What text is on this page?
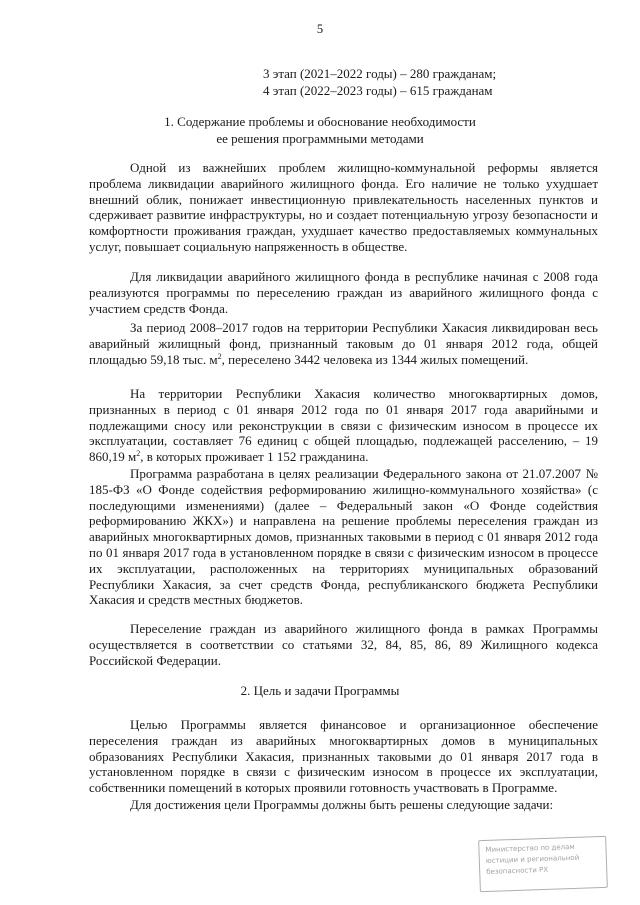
5
3 этап (2021–2022 годы) – 280 гражданам;
4 этап (2022–2023 годы) – 615 гражданам
1. Содержание проблемы и обоснование необходимости
ее решения программными методами

Одной из важнейших проблем жилищно-коммунальной реформы является проблема ликвидации аварийного жилищного фонда. Его наличие не только ухудшает внешний облик, понижает инвестиционную привлекательность населенных пунктов и сдерживает развитие инфраструктуры, но и создает потенциальную угрозу безопасности и комфортности проживания граждан, ухудшает качество предоставляемых коммунальных услуг, повышает социальную напряженность в обществе.

Для ликвидации аварийного жилищного фонда в республике начиная с 2008 года реализуются программы по переселению граждан из аварийного жилищного фонда с участием средств Фонда.

За период 2008–2017 годов на территории Республики Хакасия ликвидирован весь аварийный жилищный фонд, признанный таковым до 01 января 2012 года, общей площадью 59,18 тыс. $м^2$, переселено 3442 человека из 1344 жилых помещений.

На территории Республики Хакасия количество многоквартирных домов, признанных в период с 01 января 2012 года по 01 января 2017 года аварийными и подлежащими сносу или реконструкции в связи с физическим износом в процессе их эксплуатации, составляет 76 единиц с общей площадью, подлежащей расселению, – 19 860,19 $м^2$, в которых проживает 1 152 гражданина.

Программа разработана в целях реализации Федерального закона от 21.07.2007 № 185-ФЗ «О Фонде содействия реформированию жилищно-коммунального хозяйства» (с последующими изменениями) (далее – Федеральный закон «О Фонде содействия реформированию ЖКХ») и направлена на решение проблемы переселения граждан из аварийных многоквартирных домов, признанных таковыми в период с 01 января 2012 года по 01 января 2017 года в установленном порядке в связи с физическим износом в процессе их эксплуатации, расположенных на территориях муниципальных образований Республики Хакасия, за счет средств Фонда, республиканского бюджета Республики Хакасия и средств местных бюджетов.

Переселение граждан из аварийного жилищного фонда в рамках Программы осуществляется в соответствии со статьями 32, 84, 85, 86, 89 Жилищного кодекса Российской Федерации.

2. Цель и задачи Программы

Целью Программы является финансовое и организационное обеспечение переселения граждан из аварийных многоквартирных домов в муниципальных образованиях Республики Хакасия, признанных таковыми до 01 января 2017 года в установленном порядке в связи с физическим износом в процессе их эксплуатации, собственники помещений в которых проявили готовность участвовать в Программе.

Для достижения цели Программы должны быть решены следующие задачи:

Министерство по делам
юстиции и региональной
безопасности РХ
